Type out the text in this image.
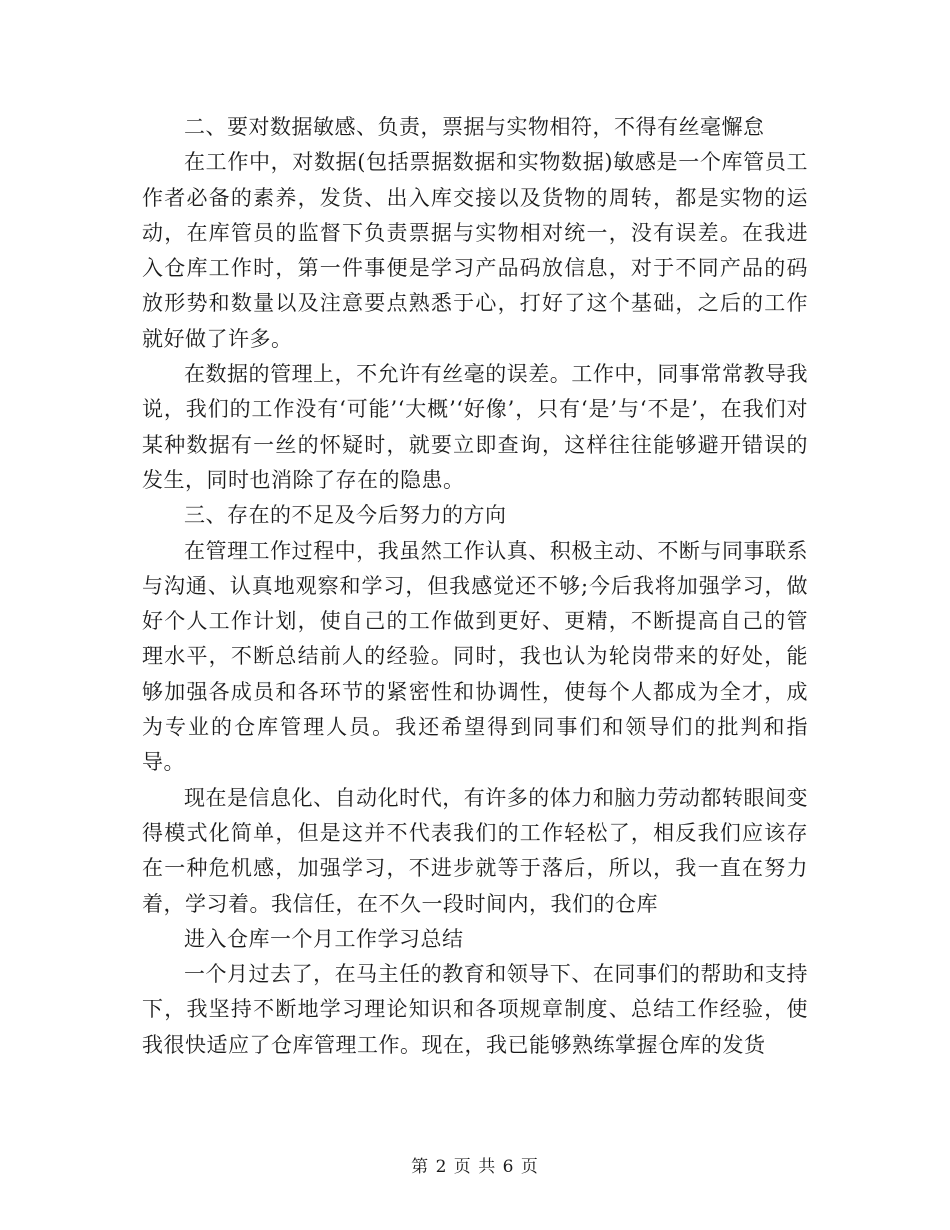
二、要对数据敏感、负责，票据与实物相符，不得有丝毫懈怠

在工作中，对数据(包括票据数据和实物数据)敏感是一个库管员工作者必备的素养，发货、出入库交接以及货物的周转，都是实物的运动，在库管员的监督下负责票据与实物相对统一，没有误差。在我进入仓库工作时，第一件事便是学习产品码放信息，对于不同产品的码放形势和数量以及注意要点熟悉于心，打好了这个基础，之后的工作就好做了许多。

在数据的管理上，不允许有丝毫的误差。工作中，同事常常教导我说，我们的工作没有‘可能’‘大概’‘好像’，只有‘是’与‘不是’，在我们对某种数据有一丝的怀疑时，就要立即查询，这样往往能够避开错误的发生，同时也消除了存在的隐患。

三、存在的不足及今后努力的方向

在管理工作过程中，我虽然工作认真、积极主动、不断与同事联系与沟通、认真地观察和学习，但我感觉还不够;今后我将加强学习，做好个人工作计划，使自己的工作做到更好、更精，不断提高自己的管理水平，不断总结前人的经验。同时，我也认为轮岗带来的好处，能够加强各成员和各环节的紧密性和协调性，使每个人都成为全才，成为专业的仓库管理人员。我还希望得到同事们和领导们的批判和指导。

现在是信息化、自动化时代，有许多的体力和脑力劳动都转眼间变得模式化简单，但是这并不代表我们的工作轻松了，相反我们应该存在一种危机感，加强学习，不进步就等于落后，所以，我一直在努力着，学习着。我信任，在不久一段时间内，我们的仓库

进入仓库一个月工作学习总结

一个月过去了，在马主任的教育和领导下、在同事们的帮助和支持下，我坚持不断地学习理论知识和各项规章制度、总结工作经验，使我很快适应了仓库管理工作。现在，我已能够熟练掌握仓库的发货

第 2 页 共 6 页
